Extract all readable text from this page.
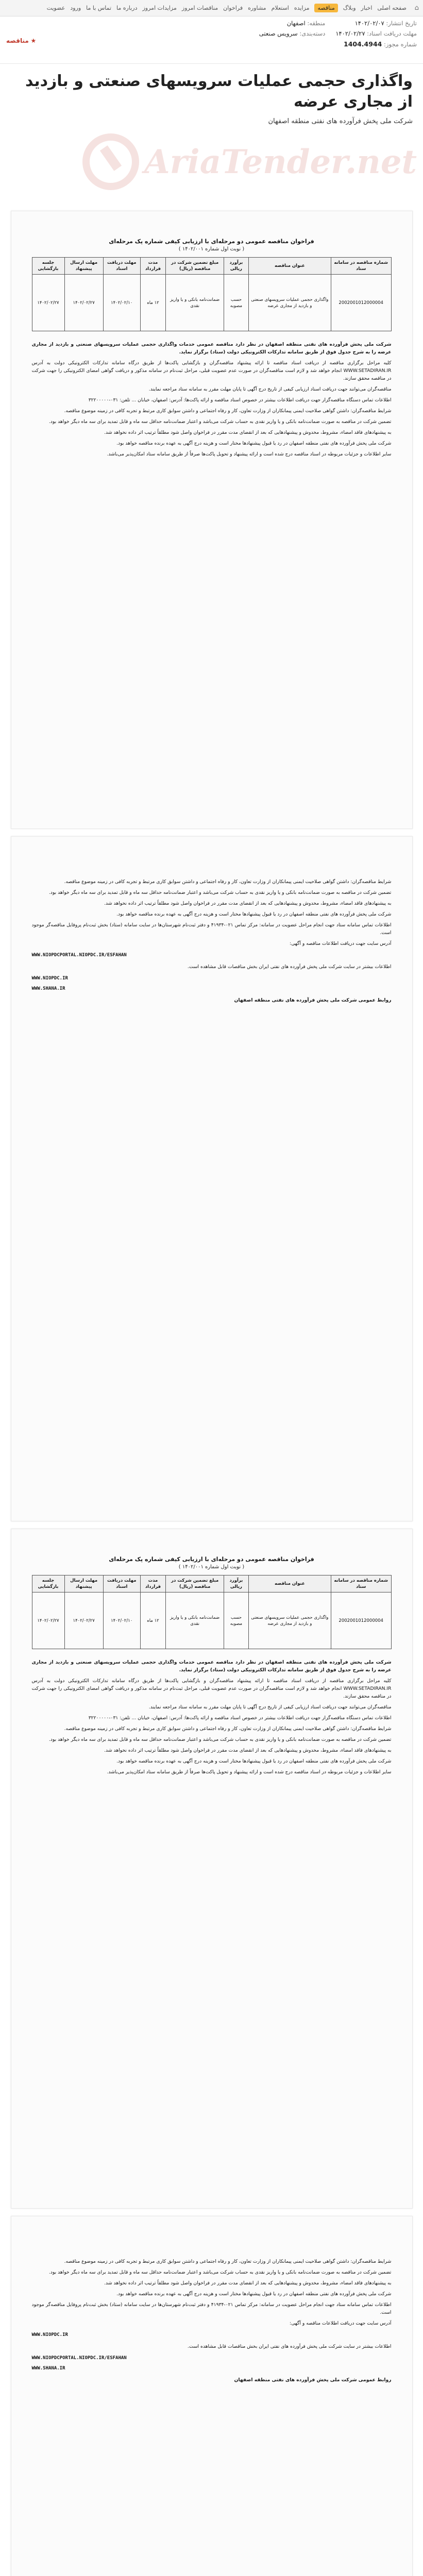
⌂
صفحه اصلی
اخبار
وبلاگ
مناقصه
مزایده
استعلام
مشاوره
فراخوان
مناقصات امروز
مزایدات امروز
درباره ما
تماس با ما
ورود
عضویت
تاریخ انتشار: ۱۴۰۲/۰۲/۰۷
مهلت دریافت اسناد: ۱۴۰۲/۰۲/۲۷
شماره مجوز: 1404.4944
منطقه: اصفهان
دسته‌بندی: سرویس صنعتی
★ مناقصه
واگذاری حجمی عملیات سرویسهای صنعتی و بازدید از مجاری عرضه

شرکت ملی پخش فرآورده های نفتی منطقه اصفهان

AriaTender.net
فراخوان مناقصه عمومی دو مرحله‌ای با ارزیابی کیفی شماره پک مرحله‌ای
( نوبت اول شماره ۱۴۰۲/۰۰۱ )
شماره مناقصه در سامانه ستاد	عنوان مناقصه	برآورد ریالی	مبلغ تضمین شرکت در مناقصه (ریال)	مدت قرارداد	مهلت دریافت اسناد	مهلت ارسال پیشنهاد	جلسه بازگشایی
2002001012000004	واگذاری حجمی عملیات سرویسهای صنعتی و بازدید از مجاری عرضه	حسب مصوبه	ضمانت‌نامه بانکی و یا واریز نقدی	۱۲ ماه	۱۴۰۲/۰۲/۱۰	۱۴۰۲/۰۲/۲۷	۱۴۰۲/۰۲/۲۷

شرکت ملی پخش فرآورده های نفتی منطقه اصفهان در نظر دارد مناقصه عمومی خدمات واگذاری حجمی عملیات سرویسهای صنعتی و بازدید از مجاری عرضه را به شرح جدول فوق از طریق سامانه تدارکات الکترونیکی دولت (ستاد) برگزار نماید.

کلیه مراحل برگزاری مناقصه از دریافت اسناد مناقصه تا ارائه پیشنهاد مناقصه‌گران و بازگشایی پاکت‌ها از طریق درگاه سامانه تدارکات الکترونیکی دولت به آدرس WWW.SETADIRAN.IR انجام خواهد شد و لازم است مناقصه‌گران در صورت عدم عضویت قبلی، مراحل ثبت‌نام در سامانه مذکور و دریافت گواهی امضای الکترونیکی را جهت شرکت در مناقصه محقق سازند.

مناقصه‌گران می‌توانند جهت دریافت اسناد ارزیابی کیفی از تاریخ درج آگهی تا پایان مهلت مقرر به سامانه ستاد مراجعه نمایند.

اطلاعات تماس دستگاه مناقصه‌گزار جهت دریافت اطلاعات بیشتر در خصوص اسناد مناقصه و ارائه پاکت‌ها: آدرس: اصفهان، خیابان ... تلفن: ۰۳۱-۳۲۲۰۰۰۰۰

شرایط مناقصه‌گران: داشتن گواهی صلاحیت ایمنی پیمانکاران از وزارت تعاون، کار و رفاه اجتماعی و داشتن سوابق کاری مرتبط و تجربه کافی در زمینه موضوع مناقصه.

تضمین شرکت در مناقصه به صورت ضمانت‌نامه بانکی و یا واریز نقدی به حساب شرکت می‌باشد و اعتبار ضمانت‌نامه حداقل سه ماه و قابل تمدید برای سه ماه دیگر خواهد بود.

به پیشنهادهای فاقد امضاء، مشروط، مخدوش و پیشنهادهایی که بعد از انقضای مدت مقرر در فراخوان واصل شود مطلقاً ترتیب اثر داده نخواهد شد.

شرکت ملی پخش فرآورده های نفتی منطقه اصفهان در رد یا قبول پیشنهادها مختار است و هزینه درج آگهی به عهده برنده مناقصه خواهد بود.

سایر اطلاعات و جزئیات مربوطه در اسناد مناقصه درج شده است و ارائه پیشنهاد و تحویل پاکت‌ها صرفاً از طریق سامانه ستاد امکان‌پذیر می‌باشد.

شرایط مناقصه‌گران: داشتن گواهی صلاحیت ایمنی پیمانکاران از وزارت تعاون، کار و رفاه اجتماعی و داشتن سوابق کاری مرتبط و تجربه کافی در زمینه موضوع مناقصه.

تضمین شرکت در مناقصه به صورت ضمانت‌نامه بانکی و یا واریز نقدی به حساب شرکت می‌باشد و اعتبار ضمانت‌نامه حداقل سه ماه و قابل تمدید برای سه ماه دیگر خواهد بود.

به پیشنهادهای فاقد امضاء، مشروط، مخدوش و پیشنهادهایی که بعد از انقضای مدت مقرر در فراخوان واصل شود مطلقاً ترتیب اثر داده نخواهد شد.

شرکت ملی پخش فرآورده های نفتی منطقه اصفهان در رد یا قبول پیشنهادها مختار است و هزینه درج آگهی به عهده برنده مناقصه خواهد بود.

اطلاعات تماس سامانه ستاد جهت انجام مراحل عضویت در سامانه: مرکز تماس ۰۲۱-۴۱۹۳۴ و دفتر ثبت‌نام شهرستان‌ها در سایت سامانه (ستاد) بخش ثبت‌نام پروفایل مناقصه‌گر موجود است.

آدرس سایت جهت دریافت اطلاعات مناقصه و آگهی:

WWW.NIOPDCPORTAL.NIOPDC.IR/ESFAHAN

اطلاعات بیشتر در سایت شرکت ملی پخش فرآورده های نفتی ایران بخش مناقصات قابل مشاهده است.

WWW.NIOPDC.IR
WWW.SHANA.IR

روابط عمومی شرکت ملی پخش فرآورده های نفتی منطقه اصفهان

فراخوان مناقصه عمومی دو مرحله‌ای با ارزیابی کیفی شماره پک مرحله‌ای
( نوبت اول شماره ۱۴۰۲/۰۰۱ )
شماره مناقصه در سامانه ستاد	عنوان مناقصه	برآورد ریالی	مبلغ تضمین شرکت در مناقصه (ریال)	مدت قرارداد	مهلت دریافت اسناد	مهلت ارسال پیشنهاد	جلسه بازگشایی
2002001012000004	واگذاری حجمی عملیات سرویسهای صنعتی و بازدید از مجاری عرضه	حسب مصوبه	ضمانت‌نامه بانکی و یا واریز نقدی	۱۲ ماه	۱۴۰۲/۰۲/۱۰	۱۴۰۲/۰۲/۲۷	۱۴۰۲/۰۲/۲۷

شرکت ملی پخش فرآورده های نفتی منطقه اصفهان در نظر دارد مناقصه عمومی خدمات واگذاری حجمی عملیات سرویسهای صنعتی و بازدید از مجاری عرضه را به شرح جدول فوق از طریق سامانه تدارکات الکترونیکی دولت (ستاد) برگزار نماید.

کلیه مراحل برگزاری مناقصه از دریافت اسناد مناقصه تا ارائه پیشنهاد مناقصه‌گران و بازگشایی پاکت‌ها از طریق درگاه سامانه تدارکات الکترونیکی دولت به آدرس WWW.SETADIRAN.IR انجام خواهد شد و لازم است مناقصه‌گران در صورت عدم عضویت قبلی، مراحل ثبت‌نام در سامانه مذکور و دریافت گواهی امضای الکترونیکی را جهت شرکت در مناقصه محقق سازند.

مناقصه‌گران می‌توانند جهت دریافت اسناد ارزیابی کیفی از تاریخ درج آگهی تا پایان مهلت مقرر به سامانه ستاد مراجعه نمایند.

اطلاعات تماس دستگاه مناقصه‌گزار جهت دریافت اطلاعات بیشتر در خصوص اسناد مناقصه و ارائه پاکت‌ها: آدرس: اصفهان، خیابان ... تلفن: ۰۳۱-۳۲۲۰۰۰۰۰

شرایط مناقصه‌گران: داشتن گواهی صلاحیت ایمنی پیمانکاران از وزارت تعاون، کار و رفاه اجتماعی و داشتن سوابق کاری مرتبط و تجربه کافی در زمینه موضوع مناقصه.

تضمین شرکت در مناقصه به صورت ضمانت‌نامه بانکی و یا واریز نقدی به حساب شرکت می‌باشد و اعتبار ضمانت‌نامه حداقل سه ماه و قابل تمدید برای سه ماه دیگر خواهد بود.

به پیشنهادهای فاقد امضاء، مشروط، مخدوش و پیشنهادهایی که بعد از انقضای مدت مقرر در فراخوان واصل شود مطلقاً ترتیب اثر داده نخواهد شد.

شرکت ملی پخش فرآورده های نفتی منطقه اصفهان در رد یا قبول پیشنهادها مختار است و هزینه درج آگهی به عهده برنده مناقصه خواهد بود.

سایر اطلاعات و جزئیات مربوطه در اسناد مناقصه درج شده است و ارائه پیشنهاد و تحویل پاکت‌ها صرفاً از طریق سامانه ستاد امکان‌پذیر می‌باشد.

شرایط مناقصه‌گران: داشتن گواهی صلاحیت ایمنی پیمانکاران از وزارت تعاون، کار و رفاه اجتماعی و داشتن سوابق کاری مرتبط و تجربه کافی در زمینه موضوع مناقصه.

تضمین شرکت در مناقصه به صورت ضمانت‌نامه بانکی و یا واریز نقدی به حساب شرکت می‌باشد و اعتبار ضمانت‌نامه حداقل سه ماه و قابل تمدید برای سه ماه دیگر خواهد بود.

به پیشنهادهای فاقد امضاء، مشروط، مخدوش و پیشنهادهایی که بعد از انقضای مدت مقرر در فراخوان واصل شود مطلقاً ترتیب اثر داده نخواهد شد.

شرکت ملی پخش فرآورده های نفتی منطقه اصفهان در رد یا قبول پیشنهادها مختار است و هزینه درج آگهی به عهده برنده مناقصه خواهد بود.

اطلاعات تماس سامانه ستاد جهت انجام مراحل عضویت در سامانه: مرکز تماس ۰۲۱-۴۱۹۳۴ و دفتر ثبت‌نام شهرستان‌ها در سایت سامانه (ستاد) بخش ثبت‌نام پروفایل مناقصه‌گر موجود است.

آدرس سایت جهت دریافت اطلاعات مناقصه و آگهی:

WWW.NIOPDC.IR

اطلاعات بیشتر در سایت شرکت ملی پخش فرآورده های نفتی ایران بخش مناقصات قابل مشاهده است.

WWW.NIOPDCPORTAL.NIOPDC.IR/ESFAHAN
WWW.SHANA.IR

روابط عمومی شرکت ملی پخش فرآورده های نفتی منطقه اصفهان
